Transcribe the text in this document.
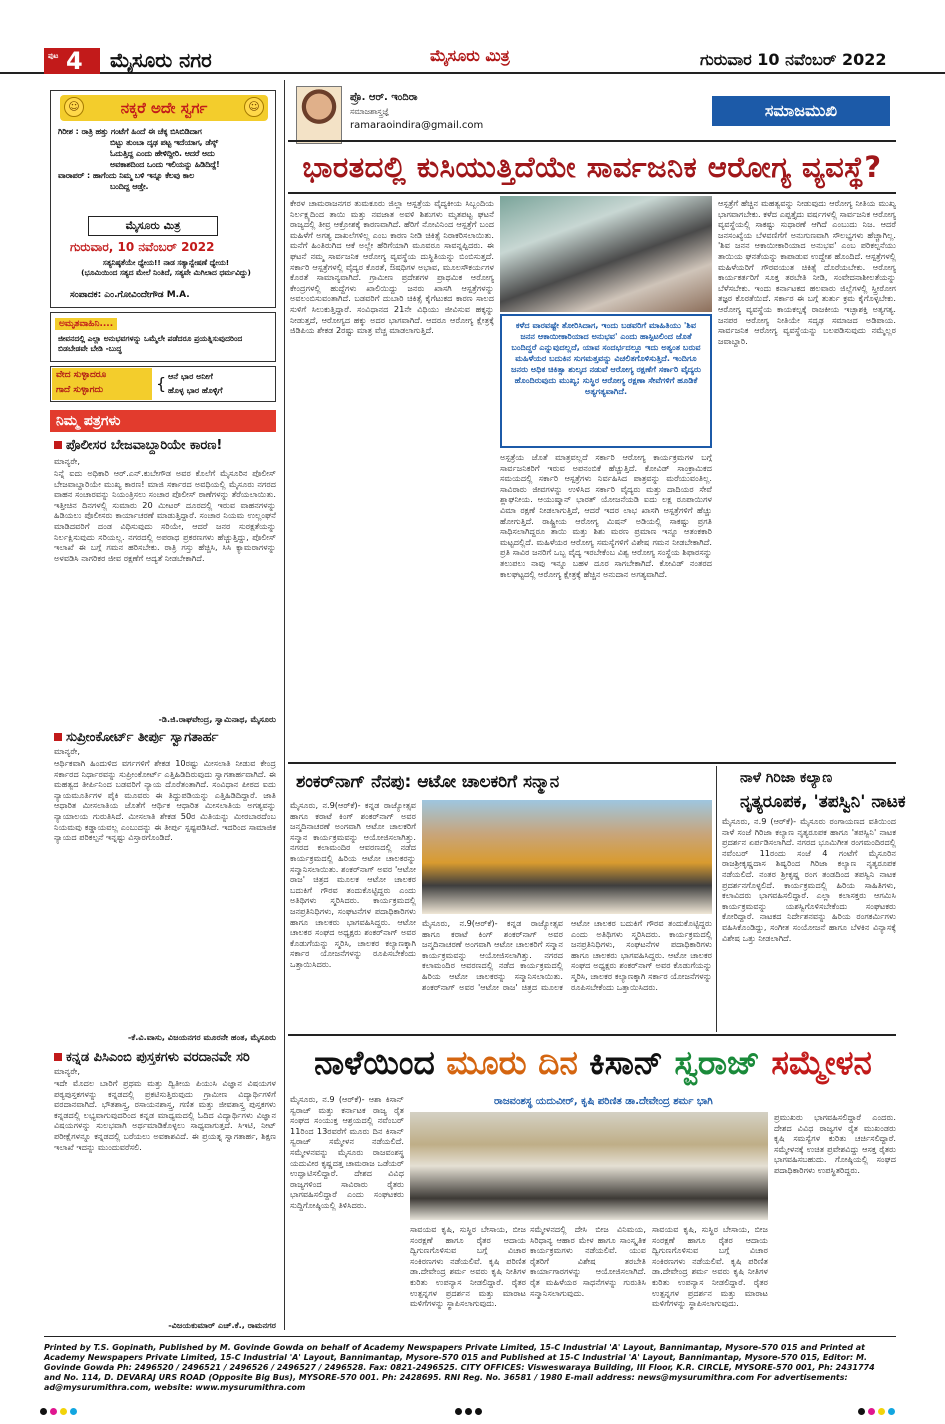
ಪುಟ 4 ಮೈಸೂರು ನಗರ	ಮೈಸೂರು ಮಿತ್ರ	ಗುರುವಾರ 10 ನವೆಂಬರ್ 2022
☺	ನಕ್ಕರೆ ಅದೇ ಸ್ವರ್ಗ	☺
ಗಿರೀಶ : ರಾತ್ರಿ ಹತ್ತು ಗಂಟೆಗೆ ಹಿಂದೆ ಈ ಚೆಕ್ಕ ಬಿಸಿಬಿಡಿದಾಗ
ಬಿಟ್ಟು ತುಂಬಾ ದೃಢ ಪಟ್ಟ ಇದೆಯಾಗ, ಡೆಸ್ಕ್
ಓದುತ್ತಿದ್ದ ಎಂದು ಹೇಳಿದ್ದೀರಿ. ಆದರೆ ಅದು
ಅವಕಾಶದಿಂದ ಒಂದು ಇಲಿಯನ್ನು ಹಿಡಿದಿದ್ದೆ!
ವಾರಾಪರ್ : ಹಾಗೆಂದು ನಿಮ್ಮ ಬಳಿ ಇನ್ನೂ ಕೆಲವು ಕಾಲ
ಬಂದಿದ್ದ ಆಡ್ತೇ.
ಮೈಸೂರು ಮಿತ್ರ
ಗುರುವಾರ, 10 ನವೆಂಬರ್ 2022
ಸತ್ಯನಿಷ್ಠತೆಯೇ ಧ್ಯೇಯ!! ನಾಡ ಸತ್ಯಾನ್ವೇಷಣೆ ಧ್ಯೇಯ!
(ಭೂಮಿಯಿಂದ ಸತ್ಯದ ಮೇಲೆ ನಿಂತಿದೆ, ಸತ್ಯವೇ ಮಿಗಿಲಾದ ಧರ್ಮವಿದ್ದು)
ಸಂಪಾದಕ: ಎಂ.ಗೋವಿಂದೇಗೌಡ M.A.
ಅಮೃತವಾಹಿನಿ....
ಜೀವನದಲ್ಲಿ ಎಲ್ಲಾ ಅನುಭವಗಳನ್ನು ಒಮ್ಮೆಲೇ ಪಡೆದರೂ ಪ್ರಯತ್ನಿಸುವುದರಿಂದ ಬಿಡಬೇಡವೇ ಬೇಡಿ -ಬುದ್ಧ
ವೇದ ಸುಳ್ಳಾದರೂ
ಗಾದೆ ಸುಳ್ಳಾಗದು	{ ಆನೆ ಭಾರ ಅನೀಗೆ
ಹೊಳ್ಳ ಭಾರ ಹೊಳ್ಳಿಗೆ
ನಿಮ್ಮ ಪತ್ರಗಳು
ಪೊಲೀಸರ ಬೇಜವಾಬ್ದಾರಿಯೇ ಕಾರಣ!
ಮಾನ್ಯರೇ,
ನಿನ್ನೆ ಐದು ಅಧಿಕಾರಿ ಆರ್.ಎನ್.ಕುಬೇಗೌಡ ಅವರ ಕೊಲೆಗೆ ಮೈಸೂರಿನ ಪೊಲೀಸ್ ಬೇಜವಾಬ್ದಾರಿಯೇ ಮುಖ್ಯ ಕಾರಣ! ಮಾಜಿ ಸರ್ಕಾರದ ಅವಧಿಯಲ್ಲಿ ಮೈಸೂರು ನಗರದ ವಾಹನ ಸಂಚಾರವನ್ನು ನಿಯಂತ್ರಿಸಲು ಸಂಚಾರ ಪೊಲೀಸ್ ಠಾಣೆಗಳನ್ನು ತೆರೆಯಲಾಯಿತು. ಇತ್ತೀಚಿನ ದಿನಗಳಲ್ಲಿ ಸುಮಾರು 20 ಮೀಟರ್ ದೂರದಲ್ಲಿ ಇರುವ ವಾಹನಗಳನ್ನು ಹಿಡಿಯಲು ಪೊಲೀಸರು ಕಾರ್ಯಾಚರಣೆ ಮಾಡುತ್ತಿದ್ದಾರೆ. ಸಂಚಾರ ನಿಯಮ ಉಲ್ಲಂಘನೆ ಮಾಡಿದವರಿಗೆ ದಂಡ ವಿಧಿಸುವುದು ಸರಿಯೇ, ಆದರೆ ಜನರ ಸುರಕ್ಷತೆಯನ್ನು ನಿರ್ಲಕ್ಷಿಸುವುದು ಸರಿಯಲ್ಲ. ನಗರದಲ್ಲಿ ಅಪರಾಧ ಪ್ರಕರಣಗಳು ಹೆಚ್ಚುತ್ತಿದ್ದು, ಪೊಲೀಸ್ ಇಲಾಖೆ ಈ ಬಗ್ಗೆ ಗಮನ ಹರಿಸಬೇಕು. ರಾತ್ರಿ ಗಸ್ತು ಹೆಚ್ಚಿಸಿ, ಸಿಸಿ ಕ್ಯಾಮರಾಗಳನ್ನು ಅಳವಡಿಸಿ ನಾಗರಿಕರ ಜೀವ ರಕ್ಷಣೆಗೆ ಆದ್ಯತೆ ನೀಡಬೇಕಾಗಿದೆ.
-ಡಿ.ಜಿ.ರಾಘವೇಂದ್ರ, ಸ್ವಾಮಿನಾಥ, ಮೈಸೂರು
ಸುಪ್ರೀಂಕೋರ್ಟ್ ತೀರ್ಪು ಸ್ವಾಗತಾರ್ಹ
ಮಾನ್ಯರೇ,
ಆರ್ಥಿಕವಾಗಿ ಹಿಂದುಳಿದ ವರ್ಗಗಳಿಗೆ ಶೇಕಡ 10ರಷ್ಟು ಮೀಸಲಾತಿ ನೀಡುವ ಕೇಂದ್ರ ಸರ್ಕಾರದ ನಿರ್ಧಾರವನ್ನು ಸುಪ್ರೀಂಕೋರ್ಟ್ ಎತ್ತಿಹಿಡಿದಿರುವುದು ಸ್ವಾಗತಾರ್ಹವಾಗಿದೆ. ಈ ಮಹತ್ವದ ತೀರ್ಪಿನಿಂದ ಬಡವರಿಗೆ ನ್ಯಾಯ ದೊರೆತಂತಾಗಿದೆ. ಸಂವಿಧಾನ ಪೀಠದ ಐದು ನ್ಯಾಯಮೂರ್ತಿಗಳ ಪೈಕಿ ಮೂವರು ಈ ತಿದ್ದುಪಡಿಯನ್ನು ಎತ್ತಿಹಿಡಿದಿದ್ದಾರೆ. ಜಾತಿ ಆಧಾರಿತ ಮೀಸಲಾತಿಯ ಜೊತೆಗೆ ಆರ್ಥಿಕ ಆಧಾರಿತ ಮೀಸಲಾತಿಯ ಅಗತ್ಯವನ್ನು ನ್ಯಾಯಾಲಯ ಗುರುತಿಸಿದೆ. ಮೀಸಲಾತಿ ಶೇಕಡ 50ರ ಮಿತಿಯನ್ನು ಮೀರಬಾರದೆಂಬ ನಿಯಮವು ಕಡ್ಡಾಯವಲ್ಲ ಎಂಬುದನ್ನು ಈ ತೀರ್ಪು ಸ್ಪಷ್ಟಪಡಿಸಿದೆ. ಇದರಿಂದ ಸಾಮಾಜಿಕ ನ್ಯಾಯದ ಪರಿಕಲ್ಪನೆ ಇನ್ನಷ್ಟು ವಿಸ್ತಾರಗೊಂಡಿದೆ.
-ಕೆ.ವಿ.ವಾಸು, ವಿಜಯನಗರ ಮೂರನೇ ಹಂತ, ಮೈಸೂರು
ಕನ್ನಡ ಪಿಸಿಎಂಬಿ ಪುಸ್ತಕಗಳು ವರದಾನವೇ ಸರಿ
ಮಾನ್ಯರೇ,
ಇದೇ ಮೊದಲ ಬಾರಿಗೆ ಪ್ರಥಮ ಮತ್ತು ದ್ವಿತೀಯ ಪಿಯುಸಿ ವಿಜ್ಞಾನ ವಿಷಯಗಳ ಪಠ್ಯಪುಸ್ತಕಗಳನ್ನು ಕನ್ನಡದಲ್ಲಿ ಪ್ರಕಟಿಸುತ್ತಿರುವುದು ಗ್ರಾಮೀಣ ವಿದ್ಯಾರ್ಥಿಗಳಿಗೆ ವರದಾನವಾಗಿದೆ. ಭೌತಶಾಸ್ತ್ರ, ರಸಾಯನಶಾಸ್ತ್ರ, ಗಣಿತ ಮತ್ತು ಜೀವಶಾಸ್ತ್ರ ಪುಸ್ತಕಗಳು ಕನ್ನಡದಲ್ಲಿ ಲಭ್ಯವಾಗುವುದರಿಂದ ಕನ್ನಡ ಮಾಧ್ಯಮದಲ್ಲಿ ಓದಿದ ವಿದ್ಯಾರ್ಥಿಗಳು ವಿಜ್ಞಾನ ವಿಷಯಗಳನ್ನು ಸುಲಭವಾಗಿ ಅರ್ಥಮಾಡಿಕೊಳ್ಳಲು ಸಾಧ್ಯವಾಗುತ್ತದೆ. ಸಿಇಟಿ, ನೀಟ್ ಪರೀಕ್ಷೆಗಳನ್ನೂ ಕನ್ನಡದಲ್ಲಿ ಬರೆಯಲು ಅವಕಾಶವಿದೆ. ಈ ಪ್ರಯತ್ನ ಸ್ವಾಗತಾರ್ಹ, ಶಿಕ್ಷಣ ಇಲಾಖೆ ಇದನ್ನು ಮುಂದುವರೆಸಲಿ.
-ವಿಜಯಕುಮಾರ್ ಎಚ್.ಕೆ., ರಾಮನಗರ
ಪ್ರೊ. ಆರ್. ಇಂದಿರಾ
ಸಮಾಜಶಾಸ್ತ್ರಜ್ಞೆ
ramaraoindira@gmail.com
ಸಮಾಜಮುಖಿ
ಭಾರತದಲ್ಲಿ ಕುಸಿಯುತ್ತಿದೆಯೇ ಸಾರ್ವಜನಿಕ ಆರೋಗ್ಯ ವ್ಯವಸ್ಥೆ?
ಕೇರಳ ಚಾಮರಾಜನಗರ ತುಮಕೂರು ಜಿಲ್ಲಾ ಆಸ್ಪತ್ರೆಯ ವೈದ್ಯಕೀಯ ಸಿಬ್ಬಂದಿಯ ನಿರ್ಲಕ್ಷ್ಯದಿಂದ ತಾಯಿ ಮತ್ತು ನವಜಾತ ಅವಳಿ ಶಿಶುಗಳು ಮೃತಪಟ್ಟ ಘಟನೆ ರಾಜ್ಯದಲ್ಲಿ ತೀವ್ರ ಆಕ್ರೋಶಕ್ಕೆ ಕಾರಣವಾಗಿದೆ. ಹೆರಿಗೆ ನೋವಿನಿಂದ ಆಸ್ಪತ್ರೆಗೆ ಬಂದ ಮಹಿಳೆಗೆ ಅಗತ್ಯ ದಾಖಲೆಗಳಿಲ್ಲ ಎಂಬ ಕಾರಣ ನೀಡಿ ಚಿಕಿತ್ಸೆ ನಿರಾಕರಿಸಲಾಯಿತು. ಮನೆಗೆ ಹಿಂತಿರುಗಿದ ಆಕೆ ಅಲ್ಲೇ ಹೆರಿಗೆಯಾಗಿ ಮೂವರೂ ಸಾವನ್ನಪ್ಪಿದರು. ಈ ಘಟನೆ ನಮ್ಮ ಸಾರ್ವಜನಿಕ ಆರೋಗ್ಯ ವ್ಯವಸ್ಥೆಯ ದುಸ್ಥಿತಿಯನ್ನು ಬಿಂಬಿಸುತ್ತದೆ. ಸರ್ಕಾರಿ ಆಸ್ಪತ್ರೆಗಳಲ್ಲಿ ವೈದ್ಯರ ಕೊರತೆ, ಔಷಧಿಗಳ ಅಭಾವ, ಮೂಲಸೌಕರ್ಯಗಳ ಕೊರತೆ ಸಾಮಾನ್ಯವಾಗಿದೆ. ಗ್ರಾಮೀಣ ಪ್ರದೇಶಗಳ ಪ್ರಾಥಮಿಕ ಆರೋಗ್ಯ ಕೇಂದ್ರಗಳಲ್ಲಿ ಹುದ್ದೆಗಳು ಖಾಲಿಯಿದ್ದು ಜನರು ಖಾಸಗಿ ಆಸ್ಪತ್ರೆಗಳನ್ನು ಅವಲಂಬಿಸುವಂತಾಗಿದೆ. ಬಡವರಿಗೆ ದುಬಾರಿ ಚಿಕಿತ್ಸೆ ಕೈಗೆಟುಕದ ಕಾರಣ ಸಾಲದ ಸುಳಿಗೆ ಸಿಲುಕುತ್ತಿದ್ದಾರೆ. ಸಂವಿಧಾನದ 21ನೇ ವಿಧಿಯು ಜೀವಿಸುವ ಹಕ್ಕನ್ನು ನೀಡುತ್ತದೆ, ಆರೋಗ್ಯದ ಹಕ್ಕು ಅದರ ಭಾಗವಾಗಿದೆ. ಆದರೂ ಆರೋಗ್ಯ ಕ್ಷೇತ್ರಕ್ಕೆ ಜಿಡಿಪಿಯ ಶೇಕಡ 2ರಷ್ಟು ಮಾತ್ರ ವೆಚ್ಚ ಮಾಡಲಾಗುತ್ತಿದೆ.
ಕಳೆದ ವಾರವಷ್ಟೇ ತೋರಿಸಿದಾಗ, ಇಂದು ಬಡವರಿಗೆ ಮಾಹಿತಿಯು 'ಶಿವ ಜನನ ಆಕಾಯೀಕಾರಿಯಾದ ಅನುಭವ' ಎಂದು ಹಾಸ್ಪಿಟಲಿಂದ ಜೊತೆ ಬಂದಿದ್ದರೆ ಎನ್ನುವುದಲ್ಲದೆ, ಯಾವ ಸಂದರ್ಭದಲ್ಲೂ ಇದು ಅತ್ಯಂತ ಬರುವ ಮಹಿಳೆಯರ ಬದುಕಿನ ಸುಗಮತ್ತವನ್ನು ವಿಚಲಿತಗೊಳಿಸುತ್ತಿದೆ. ಇಂದಿಗೂ ಜನರು ಅಧಿಕ ಚಿಕಿತ್ಸಾ ಶುಲ್ಕದ ನಡುವೆ ಆರೋಗ್ಯ ರಕ್ಷಣೆಗೆ ಸರ್ಕಾರಿ ವೈದ್ಯರು ಹೊಂದಿರುವುದು ಮುಖ್ಯ; ಸುಸ್ಥಿರ ಆರೋಗ್ಯ ರಕ್ಷಣಾ ಸೇವೆಗಳಿಗೆ ಹೂಡಿಕೆ ಅತ್ಯಗತ್ಯವಾಗಿದೆ.
ಅಸ್ಪತ್ರೆಯ ಜೊತೆ ಮಾತ್ರವಲ್ಲದೆ ಸರ್ಕಾರಿ ಆರೋಗ್ಯ ಕಾರ್ಯಕ್ರಮಗಳ ಬಗ್ಗೆ ಸಾರ್ವಜನಿಕರಿಗೆ ಇರುವ ಅಪನಂಬಿಕೆ ಹೆಚ್ಚುತ್ತಿದೆ. ಕೋವಿಡ್ ಸಾಂಕ್ರಾಮಿಕದ ಸಮಯದಲ್ಲಿ ಸರ್ಕಾರಿ ಆಸ್ಪತ್ರೆಗಳು ನಿರ್ವಹಿಸಿದ ಪಾತ್ರವನ್ನು ಮರೆಯುವಂತಿಲ್ಲ. ಸಾವಿರಾರು ಜೀವಗಳನ್ನು ಉಳಿಸಿದ ಸರ್ಕಾರಿ ವೈದ್ಯರು ಮತ್ತು ದಾದಿಯರ ಸೇವೆ ಶ್ಲಾಘನೀಯ. ಆಯುಷ್ಮಾನ್ ಭಾರತ್ ಯೋಜನೆಯಡಿ ಐದು ಲಕ್ಷ ರೂಪಾಯಿಗಳ ವಿಮಾ ರಕ್ಷಣೆ ನೀಡಲಾಗುತ್ತಿದೆ, ಆದರೆ ಇದರ ಲಾಭ ಖಾಸಗಿ ಆಸ್ಪತ್ರೆಗಳಿಗೆ ಹೆಚ್ಚು ಹೋಗುತ್ತಿದೆ. ರಾಷ್ಟ್ರೀಯ ಆರೋಗ್ಯ ಮಿಷನ್ ಅಡಿಯಲ್ಲಿ ಸಾಕಷ್ಟು ಪ್ರಗತಿ ಸಾಧಿಸಲಾಗಿದ್ದರೂ ತಾಯಿ ಮತ್ತು ಶಿಶು ಮರಣ ಪ್ರಮಾಣ ಇನ್ನೂ ಆತಂಕಕಾರಿ ಮಟ್ಟದಲ್ಲಿದೆ. ಮಹಿಳೆಯರ ಆರೋಗ್ಯ ಸಮಸ್ಯೆಗಳಿಗೆ ವಿಶೇಷ ಗಮನ ನೀಡಬೇಕಾಗಿದೆ. ಪ್ರತಿ ಸಾವಿರ ಜನರಿಗೆ ಒಬ್ಬ ವೈದ್ಯ ಇರಬೇಕೆಂಬ ವಿಶ್ವ ಆರೋಗ್ಯ ಸಂಸ್ಥೆಯ ಶಿಫಾರಸನ್ನು ತಲುಪಲು ನಾವು ಇನ್ನೂ ಬಹಳ ದೂರ ಸಾಗಬೇಕಾಗಿದೆ. ಕೋವಿಡ್ ನಂತರದ ಕಾಲಘಟ್ಟದಲ್ಲಿ ಆರೋಗ್ಯ ಕ್ಷೇತ್ರಕ್ಕೆ ಹೆಚ್ಚಿನ ಅನುದಾನ ಅಗತ್ಯವಾಗಿದೆ.
ಆಸ್ಪತ್ರೆಗೆ ಹೆಚ್ಚಿನ ಮಹತ್ವವನ್ನು ನೀಡುವುದು ಆರೋಗ್ಯ ನೀತಿಯ ಮುಖ್ಯ ಭಾಗವಾಗಬೇಕು. ಕಳೆದ ಎಪ್ಪತ್ತೈದು ವರ್ಷಗಳಲ್ಲಿ ಸಾರ್ವಜನಿಕ ಆರೋಗ್ಯ ವ್ಯವಸ್ಥೆಯಲ್ಲಿ ಸಾಕಷ್ಟು ಸುಧಾರಣೆ ಆಗಿದೆ ಎಂಬುದು ನಿಜ. ಆದರೆ ಜನಸಂಖ್ಯೆಯ ಬೆಳವಣಿಗೆಗೆ ಅನುಗುಣವಾಗಿ ಸೌಲಭ್ಯಗಳು ಹೆಚ್ಚಾಗಿಲ್ಲ. 'ಶಿವ ಜನನ ಆಕಾಯೀಕಾರಿಯಾದ ಅನುಭವ' ಎಂಬ ಪರಿಕಲ್ಪನೆಯು ತಾಯಿಯ ಘನತೆಯನ್ನು ಕಾಪಾಡುವ ಉದ್ದೇಶ ಹೊಂದಿದೆ. ಆಸ್ಪತ್ರೆಗಳಲ್ಲಿ ಮಹಿಳೆಯರಿಗೆ ಗೌರವಯುತ ಚಿಕಿತ್ಸೆ ದೊರೆಯಬೇಕು. ಆರೋಗ್ಯ ಕಾರ್ಯಕರ್ತರಿಗೆ ಸೂಕ್ತ ತರಬೇತಿ ನೀಡಿ, ಸಂವೇದನಾಶೀಲತೆಯನ್ನು ಬೆಳೆಸಬೇಕು. ಇಂದು ಕರ್ನಾಟಕದ ಹಲವಾರು ಜಿಲ್ಲೆಗಳಲ್ಲಿ ಸ್ತ್ರೀರೋಗ ತಜ್ಞರ ಕೊರತೆಯಿದೆ. ಸರ್ಕಾರ ಈ ಬಗ್ಗೆ ತುರ್ತು ಕ್ರಮ ಕೈಗೊಳ್ಳಬೇಕು. ಆರೋಗ್ಯ ವ್ಯವಸ್ಥೆಯ ಕಾಯಕಲ್ಪಕ್ಕೆ ರಾಜಕೀಯ ಇಚ್ಛಾಶಕ್ತಿ ಅತ್ಯಗತ್ಯ. ಜನಪರ ಆರೋಗ್ಯ ನೀತಿಯೇ ಸದೃಢ ಸಮಾಜದ ಅಡಿಪಾಯ. ಸಾರ್ವಜನಿಕ ಆರೋಗ್ಯ ವ್ಯವಸ್ಥೆಯನ್ನು ಬಲಪಡಿಸುವುದು ನಮ್ಮೆಲ್ಲರ ಜವಾಬ್ದಾರಿ.
ಶಂಕರ್‌ನಾಗ್ ನೆನಪು: ಆಟೋ ಚಾಲಕರಿಗೆ ಸನ್ಮಾನ
ಮೈಸೂರು, ನ.9(ಆರ್‌ಕೆ)- ಕನ್ನಡ ರಾಜ್ಯೋತ್ಸವ ಹಾಗೂ ಕರಾಟೆ ಕಿಂಗ್ ಶಂಕರ್‌ನಾಗ್ ಅವರ ಜನ್ಮದಿನಾಚರಣೆ ಅಂಗವಾಗಿ ಆಟೋ ಚಾಲಕರಿಗೆ ಸನ್ಮಾನ ಕಾರ್ಯಕ್ರಮವನ್ನು ಆಯೋಜಿಸಲಾಗಿತ್ತು. ನಗರದ ಕಲಾಮಂದಿರ ಆವರಣದಲ್ಲಿ ನಡೆದ ಕಾರ್ಯಕ್ರಮದಲ್ಲಿ ಹಿರಿಯ ಆಟೋ ಚಾಲಕರನ್ನು ಸನ್ಮಾನಿಸಲಾಯಿತು. ಶಂಕರ್‌ನಾಗ್ ಅವರ 'ಆಟೋ ರಾಜ' ಚಿತ್ರದ ಮೂಲಕ ಆಟೋ ಚಾಲಕರ ಬದುಕಿಗೆ ಗೌರವ ತಂದುಕೊಟ್ಟಿದ್ದರು ಎಂದು ಅತಿಥಿಗಳು ಸ್ಮರಿಸಿದರು. ಕಾರ್ಯಕ್ರಮದಲ್ಲಿ ಜನಪ್ರತಿನಿಧಿಗಳು, ಸಂಘಟನೆಗಳ ಪದಾಧಿಕಾರಿಗಳು ಹಾಗೂ ಚಾಲಕರು ಭಾಗವಹಿಸಿದ್ದರು. ಆಟೋ ಚಾಲಕರ ಸಂಘದ ಅಧ್ಯಕ್ಷರು ಶಂಕರ್‌ನಾಗ್ ಅವರ ಕೊಡುಗೆಯನ್ನು ಸ್ಮರಿಸಿ, ಚಾಲಕರ ಕಲ್ಯಾಣಕ್ಕಾಗಿ ಸರ್ಕಾರ ಯೋಜನೆಗಳನ್ನು ರೂಪಿಸಬೇಕೆಂದು ಒತ್ತಾಯಿಸಿದರು.
ಮೈಸೂರು, ನ.9(ಆರ್‌ಕೆ)- ಕನ್ನಡ ರಾಜ್ಯೋತ್ಸವ ಹಾಗೂ ಕರಾಟೆ ಕಿಂಗ್ ಶಂಕರ್‌ನಾಗ್ ಅವರ ಜನ್ಮದಿನಾಚರಣೆ ಅಂಗವಾಗಿ ಆಟೋ ಚಾಲಕರಿಗೆ ಸನ್ಮಾನ ಕಾರ್ಯಕ್ರಮವನ್ನು ಆಯೋಜಿಸಲಾಗಿತ್ತು. ನಗರದ ಕಲಾಮಂದಿರ ಆವರಣದಲ್ಲಿ ನಡೆದ ಕಾರ್ಯಕ್ರಮದಲ್ಲಿ ಹಿರಿಯ ಆಟೋ ಚಾಲಕರನ್ನು ಸನ್ಮಾನಿಸಲಾಯಿತು. ಶಂಕರ್‌ನಾಗ್ ಅವರ 'ಆಟೋ ರಾಜ' ಚಿತ್ರದ ಮೂಲಕ ಆಟೋ ಚಾಲಕರ ಬದುಕಿಗೆ ಗೌರವ ತಂದುಕೊಟ್ಟಿದ್ದರು ಎಂದು ಅತಿಥಿಗಳು ಸ್ಮರಿಸಿದರು. ಕಾರ್ಯಕ್ರಮದಲ್ಲಿ ಜನಪ್ರತಿನಿಧಿಗಳು, ಸಂಘಟನೆಗಳ ಪದಾಧಿಕಾರಿಗಳು ಹಾಗೂ ಚಾಲಕರು ಭಾಗವಹಿಸಿದ್ದರು. ಆಟೋ ಚಾಲಕರ ಸಂಘದ ಅಧ್ಯಕ್ಷರು ಶಂಕರ್‌ನಾಗ್ ಅವರ ಕೊಡುಗೆಯನ್ನು ಸ್ಮರಿಸಿ, ಚಾಲಕರ ಕಲ್ಯಾಣಕ್ಕಾಗಿ ಸರ್ಕಾರ ಯೋಜನೆಗಳನ್ನು ರೂಪಿಸಬೇಕೆಂದು ಒತ್ತಾಯಿಸಿದರು.
ನಾಳೆ ಗಿರಿಜಾ ಕಲ್ಯಾಣ
ನೃತ್ಯರೂಪಕ, 'ತಪಸ್ವಿನಿ' ನಾಟಕ
ಮೈಸೂರು, ನ.9 (ಆರ್‌ಕೆ)- ಮೈಸೂರು ರಂಗಾಯಣದ ವತಿಯಿಂದ ನಾಳೆ ಸಂಜೆ ಗಿರಿಜಾ ಕಲ್ಯಾಣ ನೃತ್ಯರೂಪಕ ಹಾಗೂ 'ತಪಸ್ವಿನಿ' ನಾಟಕ ಪ್ರದರ್ಶನ ಏರ್ಪಡಿಸಲಾಗಿದೆ. ನಗರದ ಭೂಮಿಗೀತ ರಂಗಮಂದಿರದಲ್ಲಿ ನವೆಂಬರ್ 11ರಂದು ಸಂಜೆ 4 ಗಂಟೆಗೆ ಮೈಸೂರಿನ ರಾಜಶ್ರೀಕೃಷ್ಣದಾಸ ಶಿಷ್ಯರಿಂದ ಗಿರಿಜಾ ಕಲ್ಯಾಣ ನೃತ್ಯರೂಪಕ ನಡೆಯಲಿದೆ. ನಂತರ ಶ್ರೀಕೃಷ್ಣ ರಂಗ ತಂಡದಿಂದ ತಪಸ್ವಿನಿ ನಾಟಕ ಪ್ರದರ್ಶನಗೊಳ್ಳಲಿದೆ. ಕಾರ್ಯಕ್ರಮದಲ್ಲಿ ಹಿರಿಯ ಸಾಹಿತಿಗಳು, ಕಲಾವಿದರು ಭಾಗವಹಿಸಲಿದ್ದಾರೆ. ಎಲ್ಲಾ ಕಲಾಸಕ್ತರು ಆಗಮಿಸಿ ಕಾರ್ಯಕ್ರಮವನ್ನು ಯಶಸ್ವಿಗೊಳಿಸಬೇಕೆಂದು ಸಂಘಟಕರು ಕೋರಿದ್ದಾರೆ. ನಾಟಕದ ನಿರ್ದೇಶನವನ್ನು ಹಿರಿಯ ರಂಗಕರ್ಮಿಗಳು ವಹಿಸಿಕೊಂಡಿದ್ದು, ಸಂಗೀತ ಸಂಯೋಜನೆ ಹಾಗೂ ಬೆಳಕಿನ ವಿನ್ಯಾಸಕ್ಕೆ ವಿಶೇಷ ಒತ್ತು ನೀಡಲಾಗಿದೆ.
ನಾಳೆಯಿಂದ ಮೂರು ದಿನ ಕಿಸಾನ್ ಸ್ವರಾಜ್ ಸಮ್ಮೇಳನ
ರಾಜವಂಶಸ್ಥ ಯದುವೀರ್, ಕೃಷಿ ಪರಿಣಿತ ಡಾ.ದೇವೇಂದ್ರ ಶರ್ಮ ಭಾಗಿ
ಮೈಸೂರು, ನ.9 (ಆರ್‌ಕೆ)- ಆಶಾ ಕಿಸಾನ್ ಸ್ವರಾಜ್ ಮತ್ತು ಕರ್ನಾಟಕ ರಾಜ್ಯ ರೈತ ಸಂಘದ ಸಂಯುಕ್ತ ಆಶ್ರಯದಲ್ಲಿ ನವೆಂಬರ್ 11ರಿಂದ 13ರವರೆಗೆ ಮೂರು ದಿನ ಕಿಸಾನ್ ಸ್ವರಾಜ್ ಸಮ್ಮೇಳನ ನಡೆಯಲಿದೆ. ಸಮ್ಮೇಳನವನ್ನು ಮೈಸೂರು ರಾಜವಂಶಸ್ಥ ಯದುವೀರ ಕೃಷ್ಣದತ್ತ ಚಾಮರಾಜ ಒಡೆಯರ್ ಉದ್ಘಾಟಿಸಲಿದ್ದಾರೆ. ದೇಶದ ವಿವಿಧ ರಾಜ್ಯಗಳಿಂದ ಸಾವಿರಾರು ರೈತರು ಭಾಗವಹಿಸಲಿದ್ದಾರೆ ಎಂದು ಸಂಘಟಕರು ಸುದ್ದಿಗೋಷ್ಠಿಯಲ್ಲಿ ತಿಳಿಸಿದರು.
ಸಾವಯವ ಕೃಷಿ, ಸುಸ್ಥಿರ ಬೇಸಾಯ, ಬೀಜ ಸಂರಕ್ಷಣೆ ಹಾಗೂ ರೈತರ ಆದಾಯ ದ್ವಿಗುಣಗೊಳಿಸುವ ಬಗ್ಗೆ ವಿಚಾರ ಸಂಕಿರಣಗಳು ನಡೆಯಲಿವೆ. ಕೃಷಿ ಪರಿಣಿತ ಡಾ.ದೇವೇಂದ್ರ ಶರ್ಮ ಅವರು ಕೃಷಿ ನೀತಿಗಳ ಕುರಿತು ಉಪನ್ಯಾಸ ನೀಡಲಿದ್ದಾರೆ. ರೈತರ ಉತ್ಪನ್ನಗಳ ಪ್ರದರ್ಶನ ಮತ್ತು ಮಾರಾಟ ಮಳಿಗೆಗಳನ್ನು ಸ್ಥಾಪಿಸಲಾಗುವುದು.
ಸಮ್ಮೇಳನದಲ್ಲಿ ದೇಸಿ ಬೀಜ ವಿನಿಮಯ, ಸಿರಿಧಾನ್ಯ ಆಹಾರ ಮೇಳ ಹಾಗೂ ಸಾಂಸ್ಕೃತಿಕ ಕಾರ್ಯಕ್ರಮಗಳು ನಡೆಯಲಿವೆ. ಯುವ ರೈತರಿಗೆ ವಿಶೇಷ ತರಬೇತಿ ಕಾರ್ಯಾಗಾರಗಳನ್ನು ಆಯೋಜಿಸಲಾಗಿದೆ. ರೈತ ಮಹಿಳೆಯರ ಸಾಧನೆಗಳನ್ನು ಗುರುತಿಸಿ ಸನ್ಮಾನಿಸಲಾಗುವುದು.
ಸಾವಯವ ಕೃಷಿ, ಸುಸ್ಥಿರ ಬೇಸಾಯ, ಬೀಜ ಸಂರಕ್ಷಣೆ ಹಾಗೂ ರೈತರ ಆದಾಯ ದ್ವಿಗುಣಗೊಳಿಸುವ ಬಗ್ಗೆ ವಿಚಾರ ಸಂಕಿರಣಗಳು ನಡೆಯಲಿವೆ. ಕೃಷಿ ಪರಿಣಿತ ಡಾ.ದೇವೇಂದ್ರ ಶರ್ಮ ಅವರು ಕೃಷಿ ನೀತಿಗಳ ಕುರಿತು ಉಪನ್ಯಾಸ ನೀಡಲಿದ್ದಾರೆ. ರೈತರ ಉತ್ಪನ್ನಗಳ ಪ್ರದರ್ಶನ ಮತ್ತು ಮಾರಾಟ ಮಳಿಗೆಗಳನ್ನು ಸ್ಥಾಪಿಸಲಾಗುವುದು.
ಪ್ರಮುಖರು ಭಾಗವಹಿಸಲಿದ್ದಾರೆ ಎಂದರು. ದೇಶದ ವಿವಿಧ ರಾಜ್ಯಗಳ ರೈತ ಮುಖಂಡರು ಕೃಷಿ ಸಮಸ್ಯೆಗಳ ಕುರಿತು ಚರ್ಚಿಸಲಿದ್ದಾರೆ. ಸಮ್ಮೇಳನಕ್ಕೆ ಉಚಿತ ಪ್ರವೇಶವಿದ್ದು ಆಸಕ್ತ ರೈತರು ಭಾಗವಹಿಸಬಹುದು. ಗೋಷ್ಠಿಯಲ್ಲಿ ಸಂಘದ ಪದಾಧಿಕಾರಿಗಳು ಉಪಸ್ಥಿತರಿದ್ದರು.
Printed by T.S. Gopinath, Published by M. Govinde Gowda on behalf of Academy Newspapers Private Limited, 15-C Industrial 'A' Layout, Bannimantap, Mysore-570 015 and Printed at Academy Newspapers Private Limited, 15-C Industrial 'A' Layout, Bannimantap, Mysore-570 015 and Published at 15-C Industrial 'A' Layout, Bannimantap, Mysore-570 015, Editor: M. Govinde Gowda Ph: 2496520 / 2496521 / 2496526 / 2496527 / 2496528. Fax: 0821-2496525. CITY OFFICES: Visweswaraya Building, III Floor, K.R. CIRCLE, MYSORE-570 001, Ph: 2431774 and No. 114, D. DEVARAJ URS ROAD (Opposite Big Bus), MYSORE-570 001. Ph: 2428695. RNI Reg. No. 36581 / 1980 E-mail address: news@mysurumithra.com For advertisements: ad@mysurumithra.com, website: www.mysurumithra.com
